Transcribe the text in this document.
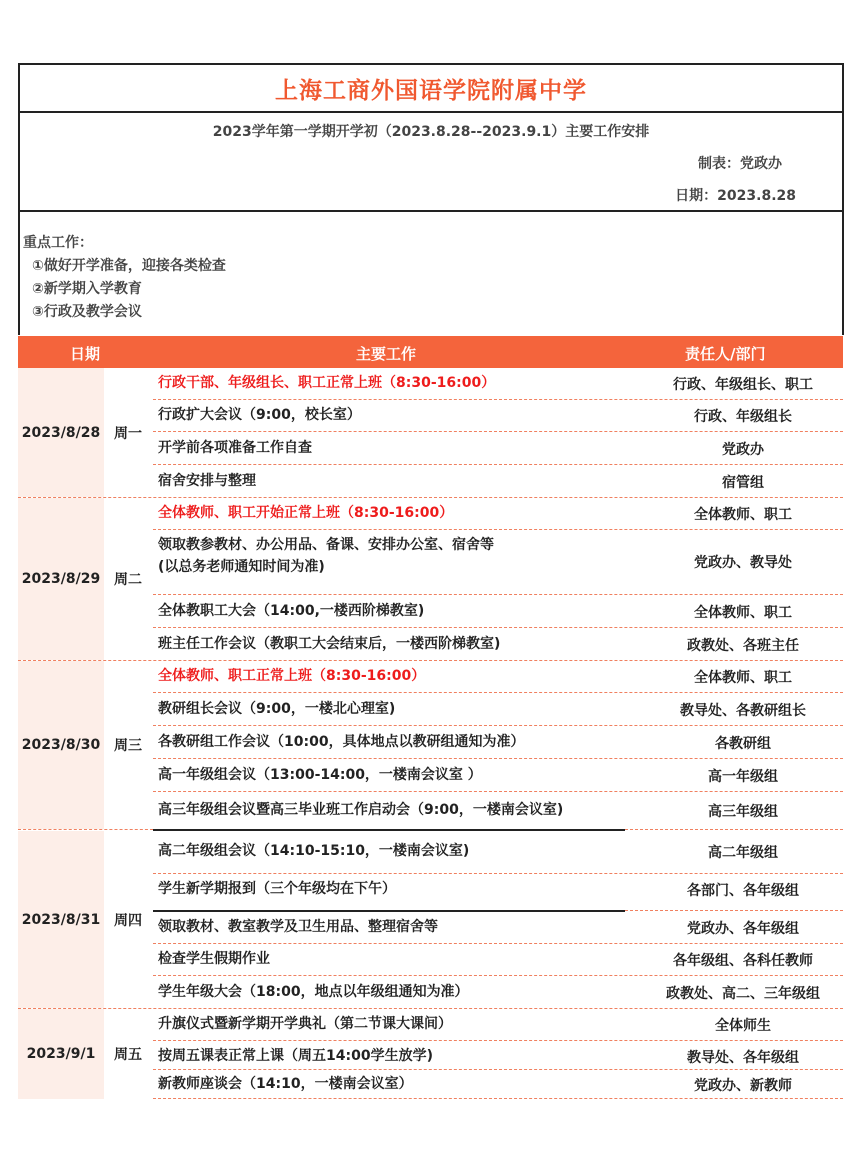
上海工商外国语学院附属中学
2023学年第一学期开学初（2023.8.28--2023.9.1）主要工作安排
制表：党政办
日期：2023.8.28
重点工作：
①做好开学准备，迎接各类检查
②新学期入学教育
③行政及教学会议
日期	主要工作	责任人/部门
2023/8/28 周一
行政干部、年级组长、职工正常上班（8:30-16:00）	行政、年级组长、职工
行政扩大会议（9:00，校长室）	行政、年级组长
开学前各项准备工作自查	党政办
宿舍安排与整理	宿管组
2023/8/29 周二
全体教师、职工开始正常上班（8:30-16:00）	全体教师、职工
领取教参教材、办公用品、备课、安排办公室、宿舍等
(以总务老师通知时间为准)	党政办、教导处
全体教职工大会（14:00,一楼西阶梯教室)	全体教师、职工
班主任工作会议（教职工大会结束后，一楼西阶梯教室)	政教处、各班主任
2023/8/30 周三
全体教师、职工正常上班（8:30-16:00）	全体教师、职工
教研组长会议（9:00，一楼北心理室)	教导处、各教研组长
各教研组工作会议（10:00，具体地点以教研组通知为准）	各教研组
高一年级组会议（13:00-14:00，一楼南会议室 ）	高一年级组
高三年级组会议暨高三毕业班工作启动会（9:00，一楼南会议室)	高三年级组
2023/8/31 周四
高二年级组会议（14:10-15:10，一楼南会议室)	高二年级组
学生新学期报到（三个年级均在下午）	各部门、各年级组
领取教材、教室教学及卫生用品、整理宿舍等	党政办、各年级组
检查学生假期作业	各年级组、各科任教师
学生年级大会（18:00，地点以年级组通知为准）	政教处、高二、三年级组
2023/9/1	周五
升旗仪式暨新学期开学典礼（第二节课大课间）	全体师生
按周五课表正常上课（周五14:00学生放学)	教导处、各年级组
新教师座谈会（14:10，一楼南会议室）	党政办、新教师
